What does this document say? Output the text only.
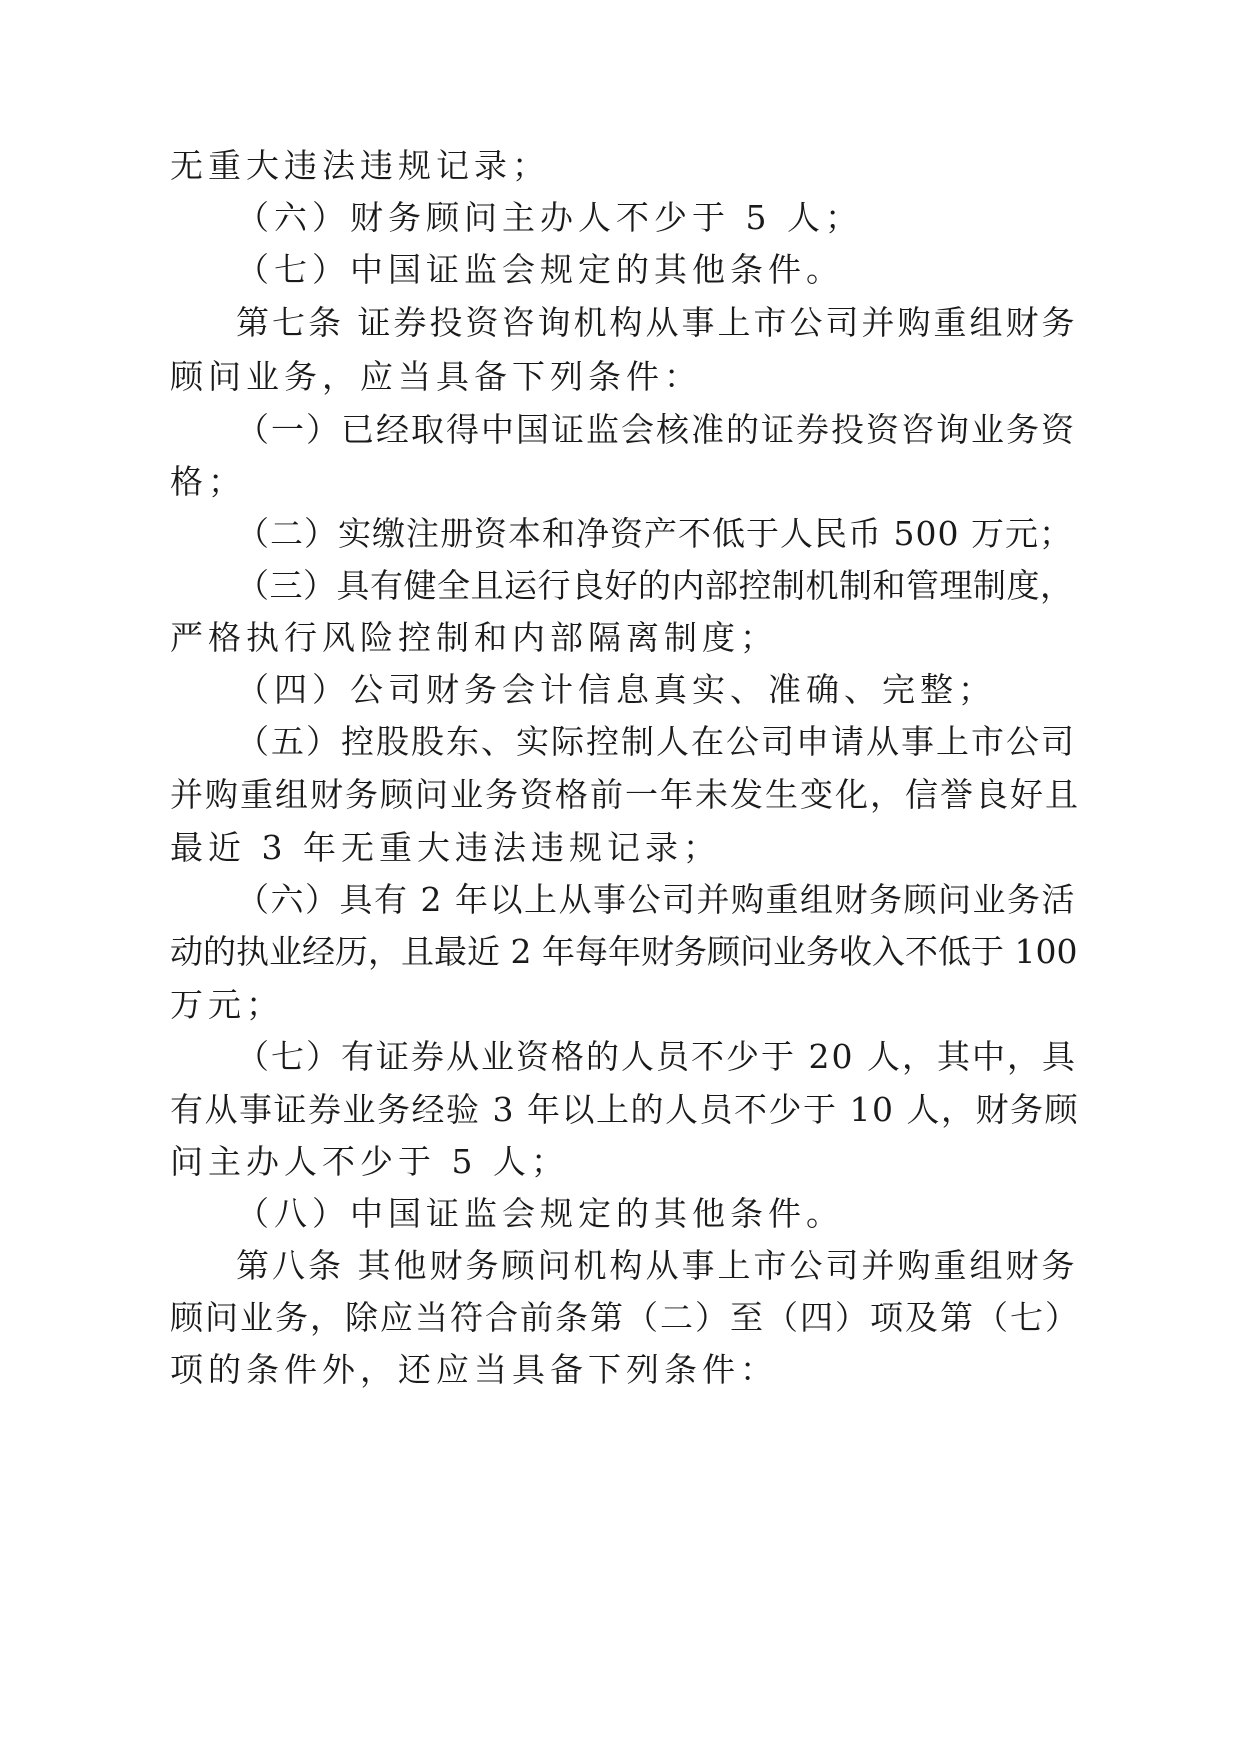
无重大违法违规记录；
（六）财务顾问主办人不少于 5 人；
（七）中国证监会规定的其他条件。
第七条 证券投资咨询机构从事上市公司并购重组财务
顾问业务，应当具备下列条件：
（一）已经取得中国证监会核准的证券投资咨询业务资
格；
（二）实缴注册资本和净资产不低于人民币 500 万元；
（三）具有健全且运行良好的内部控制机制和管理制度，
严格执行风险控制和内部隔离制度；
（四）公司财务会计信息真实、准确、完整；
（五）控股股东、实际控制人在公司申请从事上市公司
并购重组财务顾问业务资格前一年未发生变化，信誉良好且
最近 3 年无重大违法违规记录；
（六）具有 2 年以上从事公司并购重组财务顾问业务活
动的执业经历，且最近 2 年每年财务顾问业务收入不低于 100
万元；
（七）有证券从业资格的人员不少于 20 人，其中，具
有从事证券业务经验 3 年以上的人员不少于 10 人，财务顾
问主办人不少于 5 人；
（八）中国证监会规定的其他条件。
第八条 其他财务顾问机构从事上市公司并购重组财务
顾问业务，除应当符合前条第（二）至（四）项及第（七）
项的条件外，还应当具备下列条件：
